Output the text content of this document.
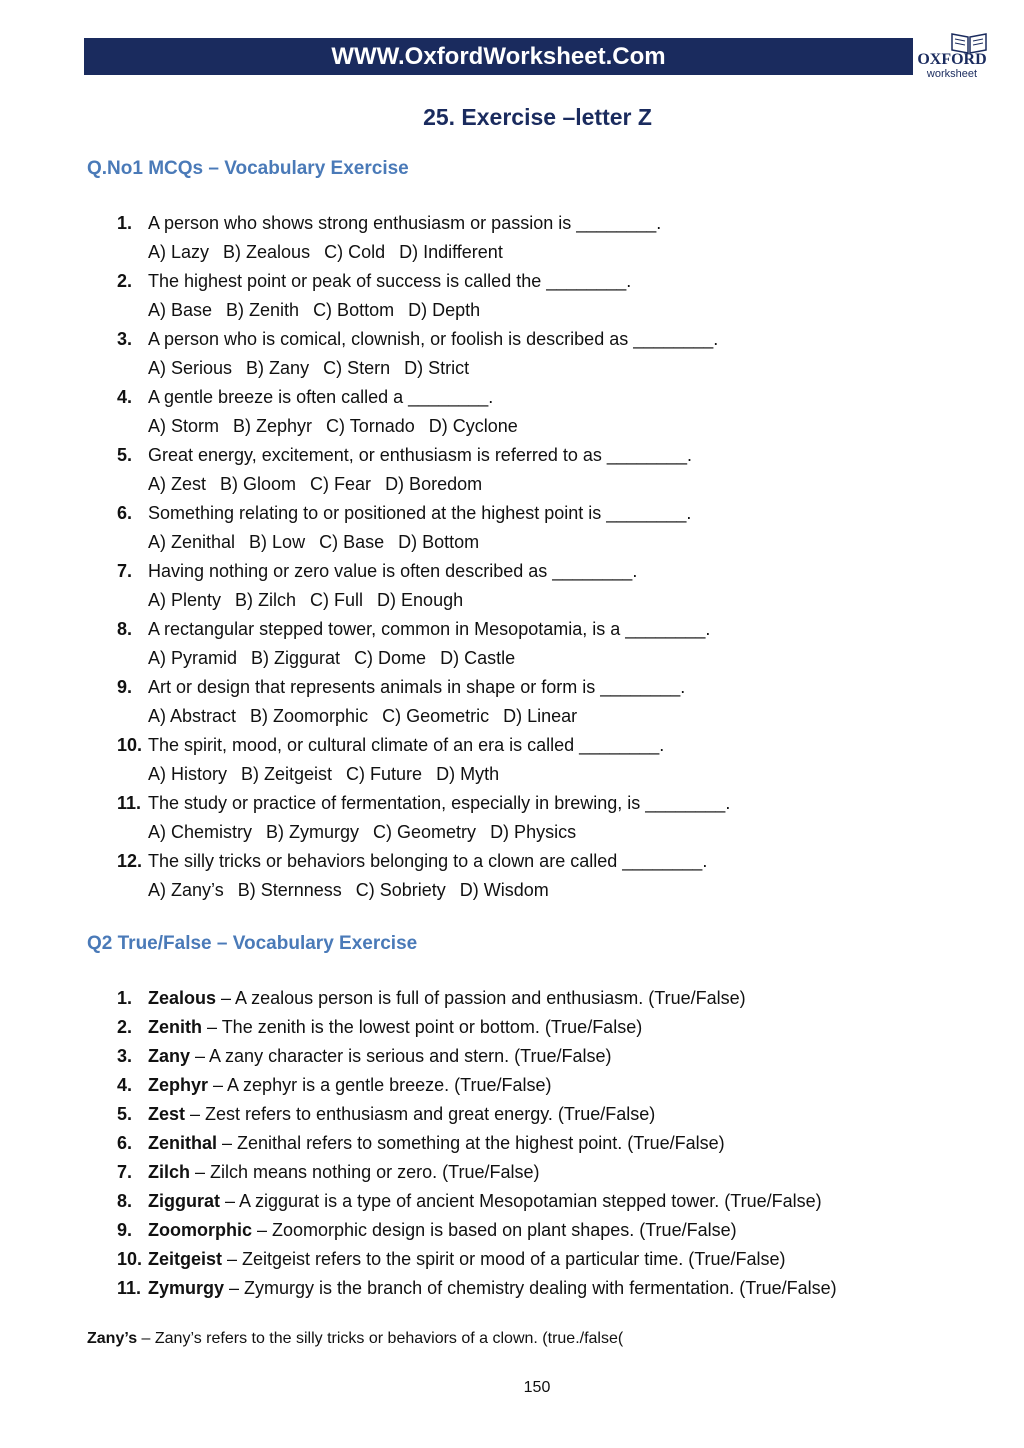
WWW.OxfordWorksheet.Com	OXFORD
worksheet
25. Exercise –letter Z
Q.No1 MCQs – Vocabulary Exercise
1. A person who shows strong enthusiasm or passion is ________.
A) Lazy B) Zealous C) Cold D) Indifferent
2. The highest point or peak of success is called the ________.
A) Base B) Zenith C) Bottom D) Depth
3. A person who is comical, clownish, or foolish is described as ________.
A) Serious B) Zany C) Stern D) Strict
4. A gentle breeze is often called a ________.
A) Storm B) Zephyr C) Tornado D) Cyclone
5. Great energy, excitement, or enthusiasm is referred to as ________.
A) Zest B) Gloom C) Fear D) Boredom
6. Something relating to or positioned at the highest point is ________.
A) Zenithal B) Low C) Base D) Bottom
7. Having nothing or zero value is often described as ________.
A) Plenty B) Zilch C) Full D) Enough
8. A rectangular stepped tower, common in Mesopotamia, is a ________.
A) Pyramid B) Ziggurat C) Dome D) Castle
9. Art or design that represents animals in shape or form is ________.
A) Abstract B) Zoomorphic C) Geometric D) Linear
10. The spirit, mood, or cultural climate of an era is called ________.
A) History B) Zeitgeist C) Future D) Myth
11. The study or practice of fermentation, especially in brewing, is ________.
A) Chemistry B) Zymurgy C) Geometry D) Physics
12. The silly tricks or behaviors belonging to a clown are called ________.
A) Zany’s B) Sternness C) Sobriety D) Wisdom
Q2 True/False – Vocabulary Exercise
1. Zealous – A zealous person is full of passion and enthusiasm. (True/False)
2. Zenith – The zenith is the lowest point or bottom. (True/False)
3. Zany – A zany character is serious and stern. (True/False)
4. Zephyr – A zephyr is a gentle breeze. (True/False)
5. Zest – Zest refers to enthusiasm and great energy. (True/False)
6. Zenithal – Zenithal refers to something at the highest point. (True/False)
7. Zilch – Zilch means nothing or zero. (True/False)
8. Ziggurat – A ziggurat is a type of ancient Mesopotamian stepped tower. (True/False)
9. Zoomorphic – Zoomorphic design is based on plant shapes. (True/False)
10. Zeitgeist – Zeitgeist refers to the spirit or mood of a particular time. (True/False)
11. Zymurgy – Zymurgy is the branch of chemistry dealing with fermentation. (True/False)
Zany’s – Zany’s refers to the silly tricks or behaviors of a clown. (true./false(
150
